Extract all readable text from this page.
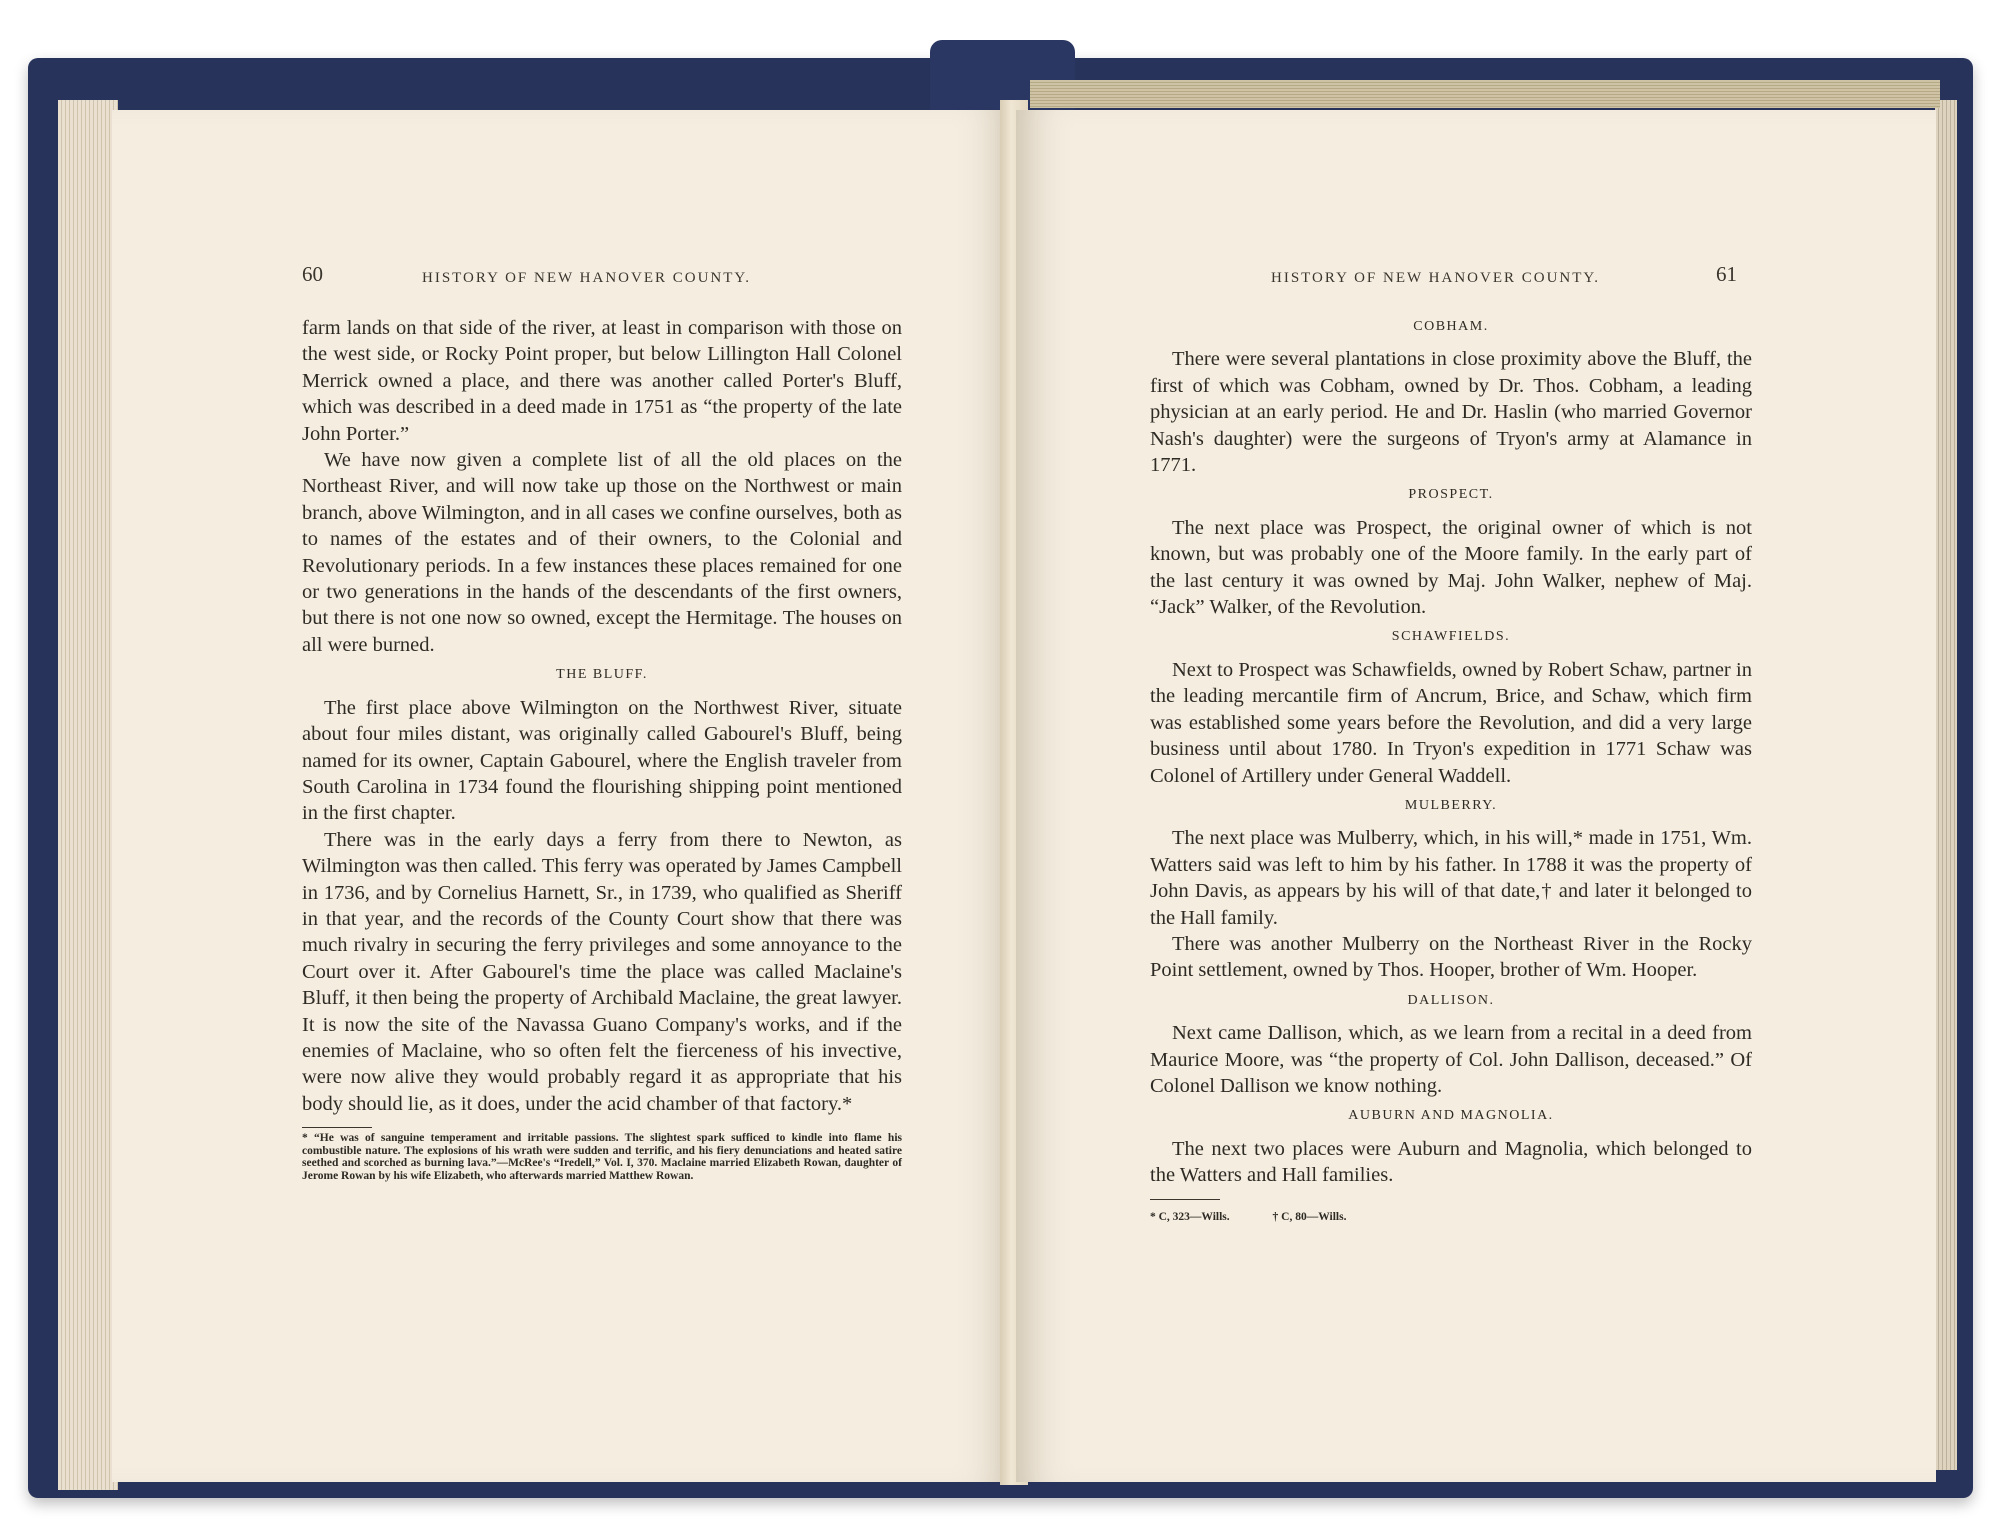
60	HISTORY OF NEW HANOVER COUNTY.

farm lands on that side of the river, at least in comparison with those on the west side, or Rocky Point proper, but below Lillington Hall Colonel Merrick owned a place, and there was another called Porter's Bluff, which was described in a deed made in 1751 as “the property of the late John Porter.”

We have now given a complete list of all the old places on the Northeast River, and will now take up those on the Northwest or main branch, above Wilmington, and in all cases we confine ourselves, both as to names of the estates and of their owners, to the Colonial and Revolutionary periods. In a few instances these places remained for one or two generations in the hands of the descendants of the first owners, but there is not one now so owned, except the Hermitage. The houses on all were burned.

THE BLUFF.

The first place above Wilmington on the Northwest River, situate about four miles distant, was originally called Gabourel's Bluff, being named for its owner, Captain Gabourel, where the English traveler from South Carolina in 1734 found the flourishing shipping point mentioned in the first chapter.

There was in the early days a ferry from there to Newton, as Wilmington was then called. This ferry was operated by James Campbell in 1736, and by Cornelius Harnett, Sr., in 1739, who qualified as Sheriff in that year, and the records of the County Court show that there was much rivalry in securing the ferry privileges and some annoyance to the Court over it. After Gabourel's time the place was called Maclaine's Bluff, it then being the property of Archibald Maclaine, the great lawyer. It is now the site of the Navassa Guano Company's works, and if the enemies of Maclaine, who so often felt the fierceness of his invective, were now alive they would probably regard it as appropriate that his body should lie, as it does, under the acid chamber of that factory.*

* “He was of sanguine temperament and irritable passions. The slightest spark sufficed to kindle into flame his combustible nature. The explosions of his wrath were sudden and terrific, and his fiery denunciations and heated satire seethed and scorched as burning lava.”—McRee's “Iredell,” Vol. I, 370. Maclaine married Elizabeth Rowan, daughter of Jerome Rowan by his wife Elizabeth, who afterwards married Matthew Rowan.
HISTORY OF NEW HANOVER COUNTY.	61
COBHAM.

There were several plantations in close proximity above the Bluff, the first of which was Cobham, owned by Dr. Thos. Cobham, a leading physician at an early period. He and Dr. Haslin (who married Governor Nash's daughter) were the surgeons of Tryon's army at Alamance in 1771.

PROSPECT.

The next place was Prospect, the original owner of which is not known, but was probably one of the Moore family. In the early part of the last century it was owned by Maj. John Walker, nephew of Maj. “Jack” Walker, of the Revolution.

SCHAWFIELDS.

Next to Prospect was Schawfields, owned by Robert Schaw, partner in the leading mercantile firm of Ancrum, Brice, and Schaw, which firm was established some years before the Revolution, and did a very large business until about 1780. In Tryon's expedition in 1771 Schaw was Colonel of Artillery under General Waddell.

MULBERRY.

The next place was Mulberry, which, in his will,* made in 1751, Wm. Watters said was left to him by his father. In 1788 it was the property of John Davis, as appears by his will of that date,† and later it belonged to the Hall family.

There was another Mulberry on the Northeast River in the Rocky Point settlement, owned by Thos. Hooper, brother of Wm. Hooper.

DALLISON.

Next came Dallison, which, as we learn from a recital in a deed from Maurice Moore, was “the property of Col. John Dallison, deceased.” Of Colonel Dallison we know nothing.

AUBURN AND MAGNOLIA.

The next two places were Auburn and Magnolia, which belonged to the Watters and Hall families.

* C, 323—Wills.	† C, 80—Wills.
